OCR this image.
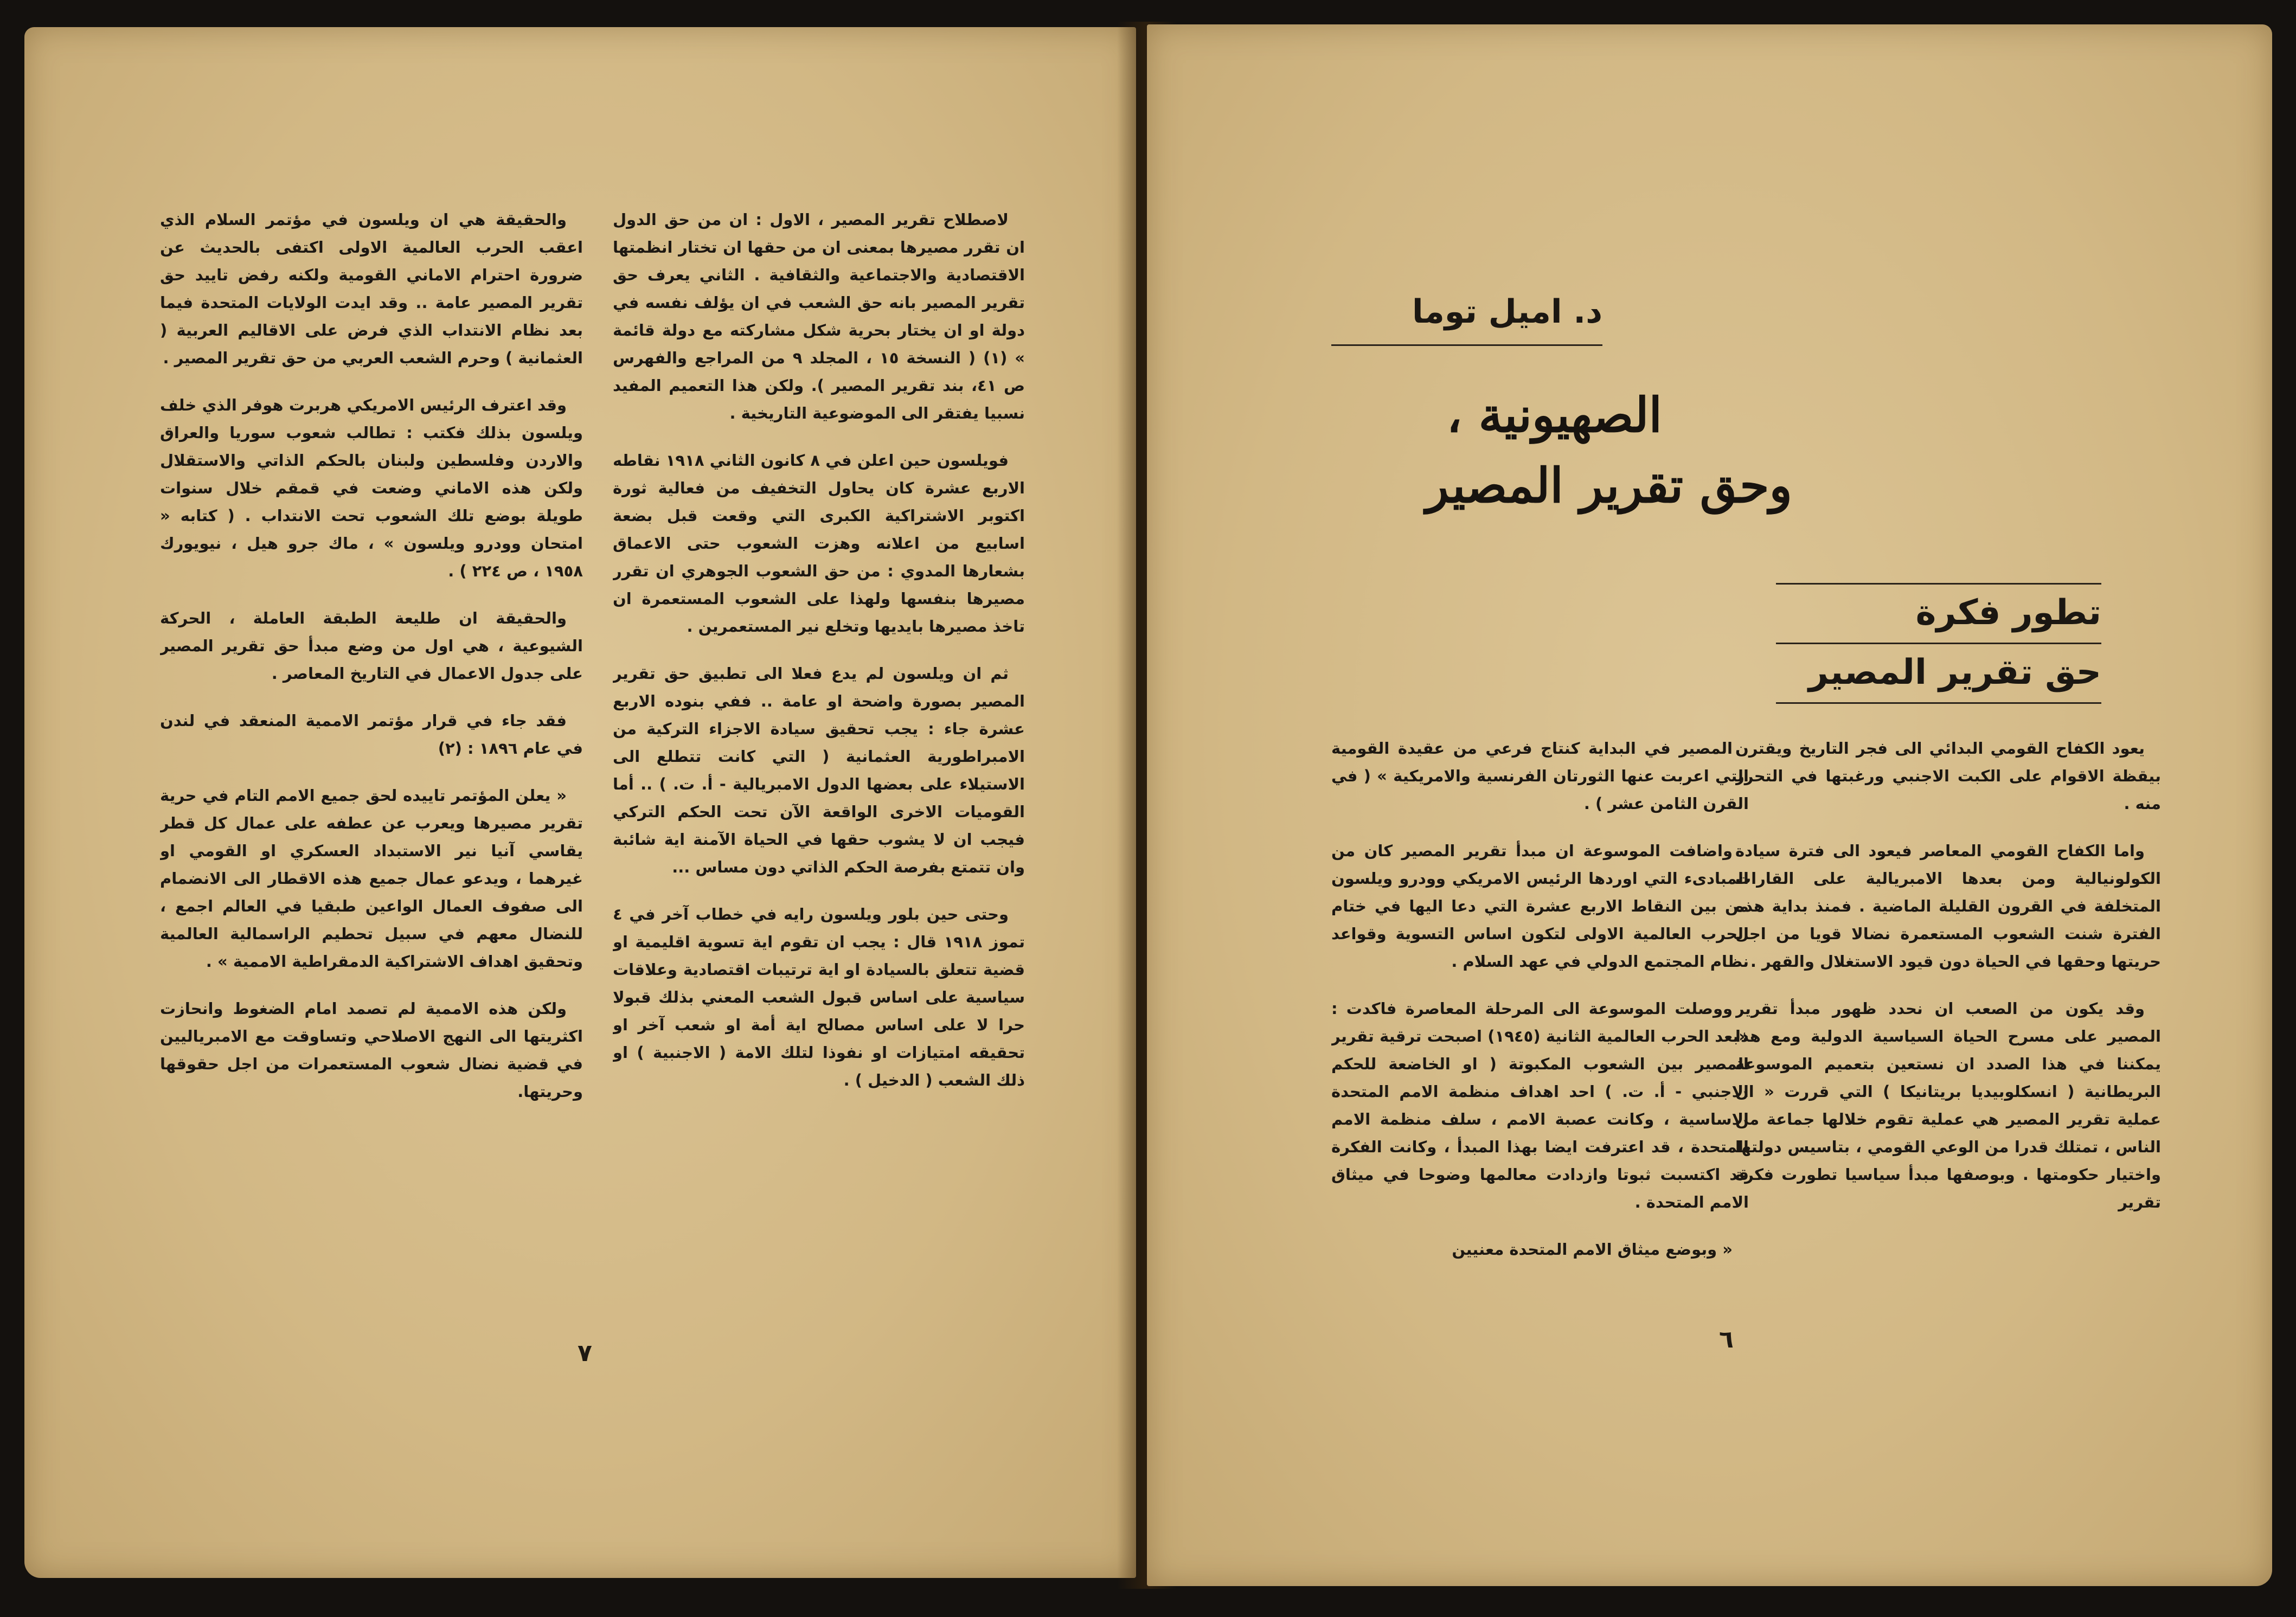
لاصطلاح تقرير المصير ، الاول : ان من حق الدول ان تقرر مصيرها بمعنى ان من حقها ان تختار انظمتها الاقتصادية والاجتماعية والثقافية . الثاني يعرف حق تقرير المصير بانه حق الشعب في ان يؤلف نفسه في دولة او ان يختار بحرية شكل مشاركته مع دولة قائمة » (١) ( النسخة ١٥ ، المجلد ٩ من المراجع والفهرس ص ٤١، بند تقرير المصير ). ولكن هذا التعميم المفيد نسبيا يفتقر الى الموضوعية التاريخية .

فويلسون حين اعلن في ٨ كانون الثاني ١٩١٨ نقاطه الاربع عشرة كان يحاول التخفيف من فعالية ثورة اكتوبر الاشتراكية الكبرى التي وقعت قبل بضعة اسابيع من اعلانه وهزت الشعوب حتى الاعماق بشعارها المدوي : من حق الشعوب الجوهري ان تقرر مصيرها بنفسها ولهذا على الشعوب المستعمرة ان تاخذ مصيرها بايديها وتخلع نير المستعمرين .

ثم ان ويلسون لم يدع فعلا الى تطبيق حق تقرير المصير بصورة واضحة او عامة .. ففي بنوده الاربع عشرة جاء : يجب تحقيق سيادة الاجزاء التركية من الامبراطورية العثمانية ( التي كانت تتطلع الى الاستيلاء على بعضها الدول الامبريالية - أ. ت. ) .. أما القوميات الاخرى الواقعة الآن تحت الحكم التركي فيجب ان لا يشوب حقها في الحياة الآمنة اية شائبة وان تتمتع بفرصة الحكم الذاتي دون مساس ...

وحتى حين بلور ويلسون رايه في خطاب آخر في ٤ تموز ١٩١٨ قال : يجب ان تقوم اية تسوية اقليمية او قضية تتعلق بالسيادة او اية ترتيبات اقتصادية وعلاقات سياسية على اساس قبول الشعب المعني بذلك قبولا حرا لا على اساس مصالح اية أمة او شعب آخر او تحقيقه امتيازات او نفوذا لتلك الامة ( الاجنبية ) او ذلك الشعب ( الدخيل ) .

والحقيقة هي ان ويلسون في مؤتمر السلام الذي اعقب الحرب العالمية الاولى اكتفى بالحديث عن ضرورة احترام الاماني القومية ولكنه رفض تاييد حق تقرير المصير عامة .. وقد ايدت الولايات المتحدة فيما بعد نظام الانتداب الذي فرض على الاقاليم العربية ( العثمانية ) وحرم الشعب العربي من حق تقرير المصير .

وقد اعترف الرئيس الامريكي هربرت هوفر الذي خلف ويلسون بذلك فكتب : تطالب شعوب سوريا والعراق والاردن وفلسطين ولبنان بالحكم الذاتي والاستقلال ولكن هذه الاماني وضعت في قمقم خلال سنوات طويلة بوضع تلك الشعوب تحت الانتداب . ( كتابه « امتحان وودرو ويلسون » ، ماك جرو هيل ، نيويورك ١٩٥٨ ، ص ٢٢٤ ) .

والحقيقة ان طليعة الطبقة العاملة ، الحركة الشيوعية ، هي اول من وضع مبدأ حق تقرير المصير على جدول الاعمال في التاريخ المعاصر .

فقد جاء في قرار مؤتمر الاممية المنعقد في لندن في عام ١٨٩٦ : (٢)

« يعلن المؤتمر تاييده لحق جميع الامم التام في حرية تقرير مصيرها ويعرب عن عطفه على عمال كل قطر يقاسي آنيا نير الاستبداد العسكري او القومي او غيرهما ، ويدعو عمال جميع هذه الاقطار الى الانضمام الى صفوف العمال الواعين طبقيا في العالم اجمع ، للنضال معهم في سبيل تحطيم الراسمالية العالمية وتحقيق اهداف الاشتراكية الدمقراطية الاممية » .

ولكن هذه الاممية لم تصمد امام الضغوط وانحازت اكثريتها الى النهج الاصلاحي وتساوقت مع الامبرياليين في قضية نضال شعوب المستعمرات من اجل حقوقها وحريتها.

٧
د. اميل توما
الصهيونية ،
وحق تقرير المصير
تطور فكرة
حق تقرير المصير

يعود الكفاح القومي البدائي الى فجر التاريخ ويقترن بيقظة الاقوام على الكبت الاجنبي ورغبتها في التحرر منه .

واما الكفاح القومي المعاصر فيعود الى فترة سيادة الكولونيالية ومن بعدها الامبريالية على القارات المتخلفة في القرون القليلة الماضية . فمنذ بداية هذه الفترة شنت الشعوب المستعمرة نضالا قويا من اجل حريتها وحقها في الحياة دون قيود الاستغلال والقهر .

وقد يكون من الصعب ان نحدد ظهور مبدأ تقرير المصير على مسرح الحياة السياسية الدولية ومع هذا يمكننا في هذا الصدد ان نستعين بتعميم الموسوعة البريطانية ( انسكلوبيديا بريتانيكا ) التي قررت « ان عملية تقرير المصير هي عملية تقوم خلالها جماعة من الناس ، تمتلك قدرا من الوعي القومي ، بتاسيس دولتها واختيار حكومتها . وبوصفها مبدأ سياسيا تطورت فكرة تقرير

المصير في البداية كنتاج فرعي من عقيدة القومية التي اعربت عنها الثورتان الفرنسية والامريكية » ( في القرن الثامن عشر ) .

واضافت الموسوعة ان مبدأ تقرير المصير كان من المبادىء التي اوردها الرئيس الامريكي وودرو ويلسون من بين النقاط الاربع عشرة التي دعا اليها في ختام الحرب العالمية الاولى لتكون اساس التسوية وقواعد نظام المجتمع الدولي في عهد السلام .

ووصلت الموسوعة الى المرحلة المعاصرة فاكدت : «بعد الحرب العالمية الثانية (١٩٤٥) اصبحت ترقية تقرير المصير بين الشعوب المكبوتة ( او الخاضعة للحكم الاجنبي - أ. ت. ) احد اهداف منظمة الامم المتحدة الاساسية ، وكانت عصبة الامم ، سلف منظمة الامم المتحدة ، قد اعترفت ايضا بهذا المبدأ ، وكانت الفكرة قد اكتسبت ثبوتا وازدادت معالمها وضوحا في ميثاق الامم المتحدة .

« وبوضع ميثاق الامم المتحدة معنيين

٦
